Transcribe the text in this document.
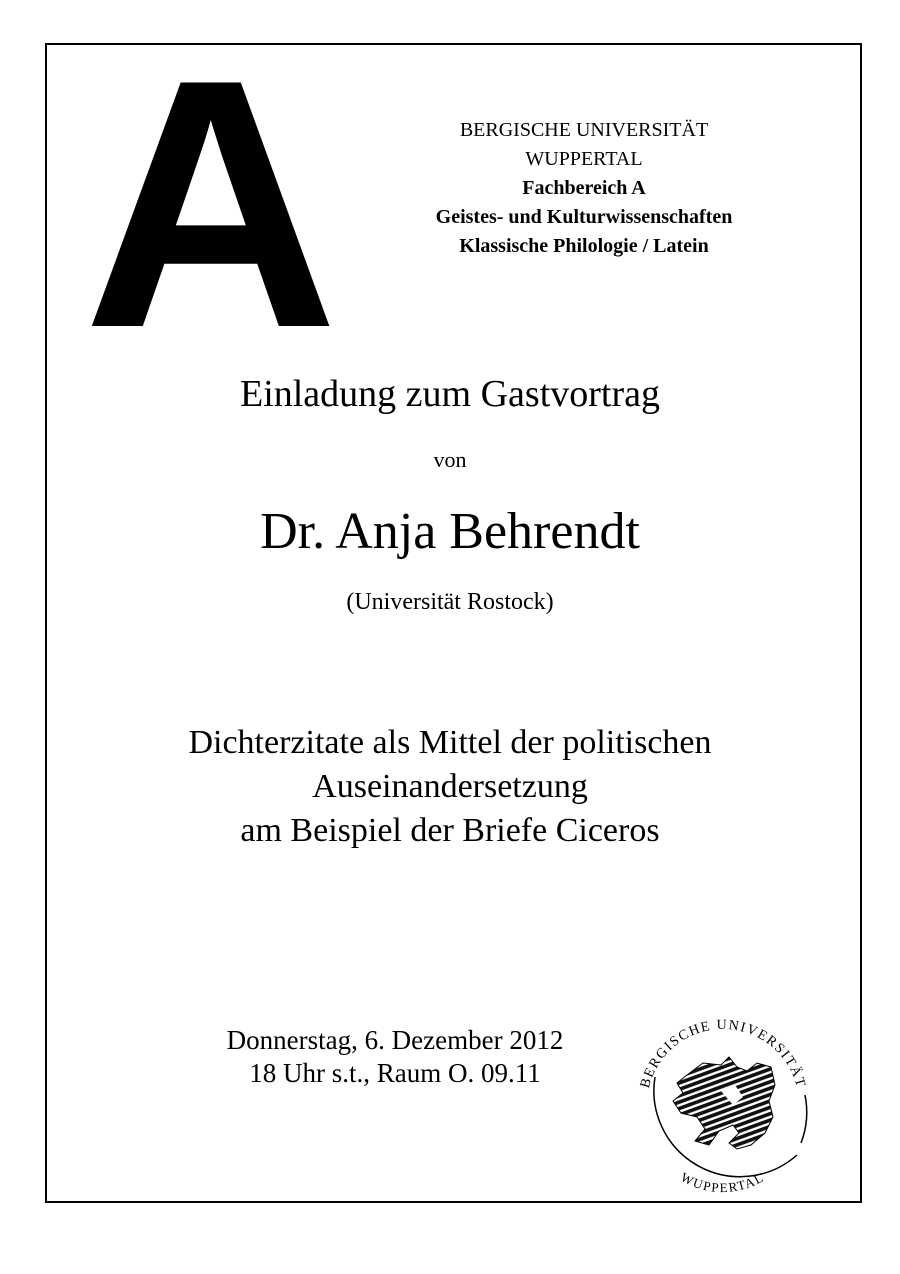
A	BERGISCHE UNIVERSITÄT
WUPPERTAL
Fachbereich A
Geistes- und Kulturwissenschaften
Klassische Philologie / Latein
Einladung zum Gastvortrag
von
Dr. Anja Behrendt
(Universität Rostock)
Dichterzitate als Mittel der politischen
Auseinandersetzung
am Beispiel der Briefe Ciceros
Donnerstag, 6. Dezember 2012
18 Uhr s.t., Raum O. 09.11	BERGISCHE UNIVERSITÄT
WUPPERTAL
